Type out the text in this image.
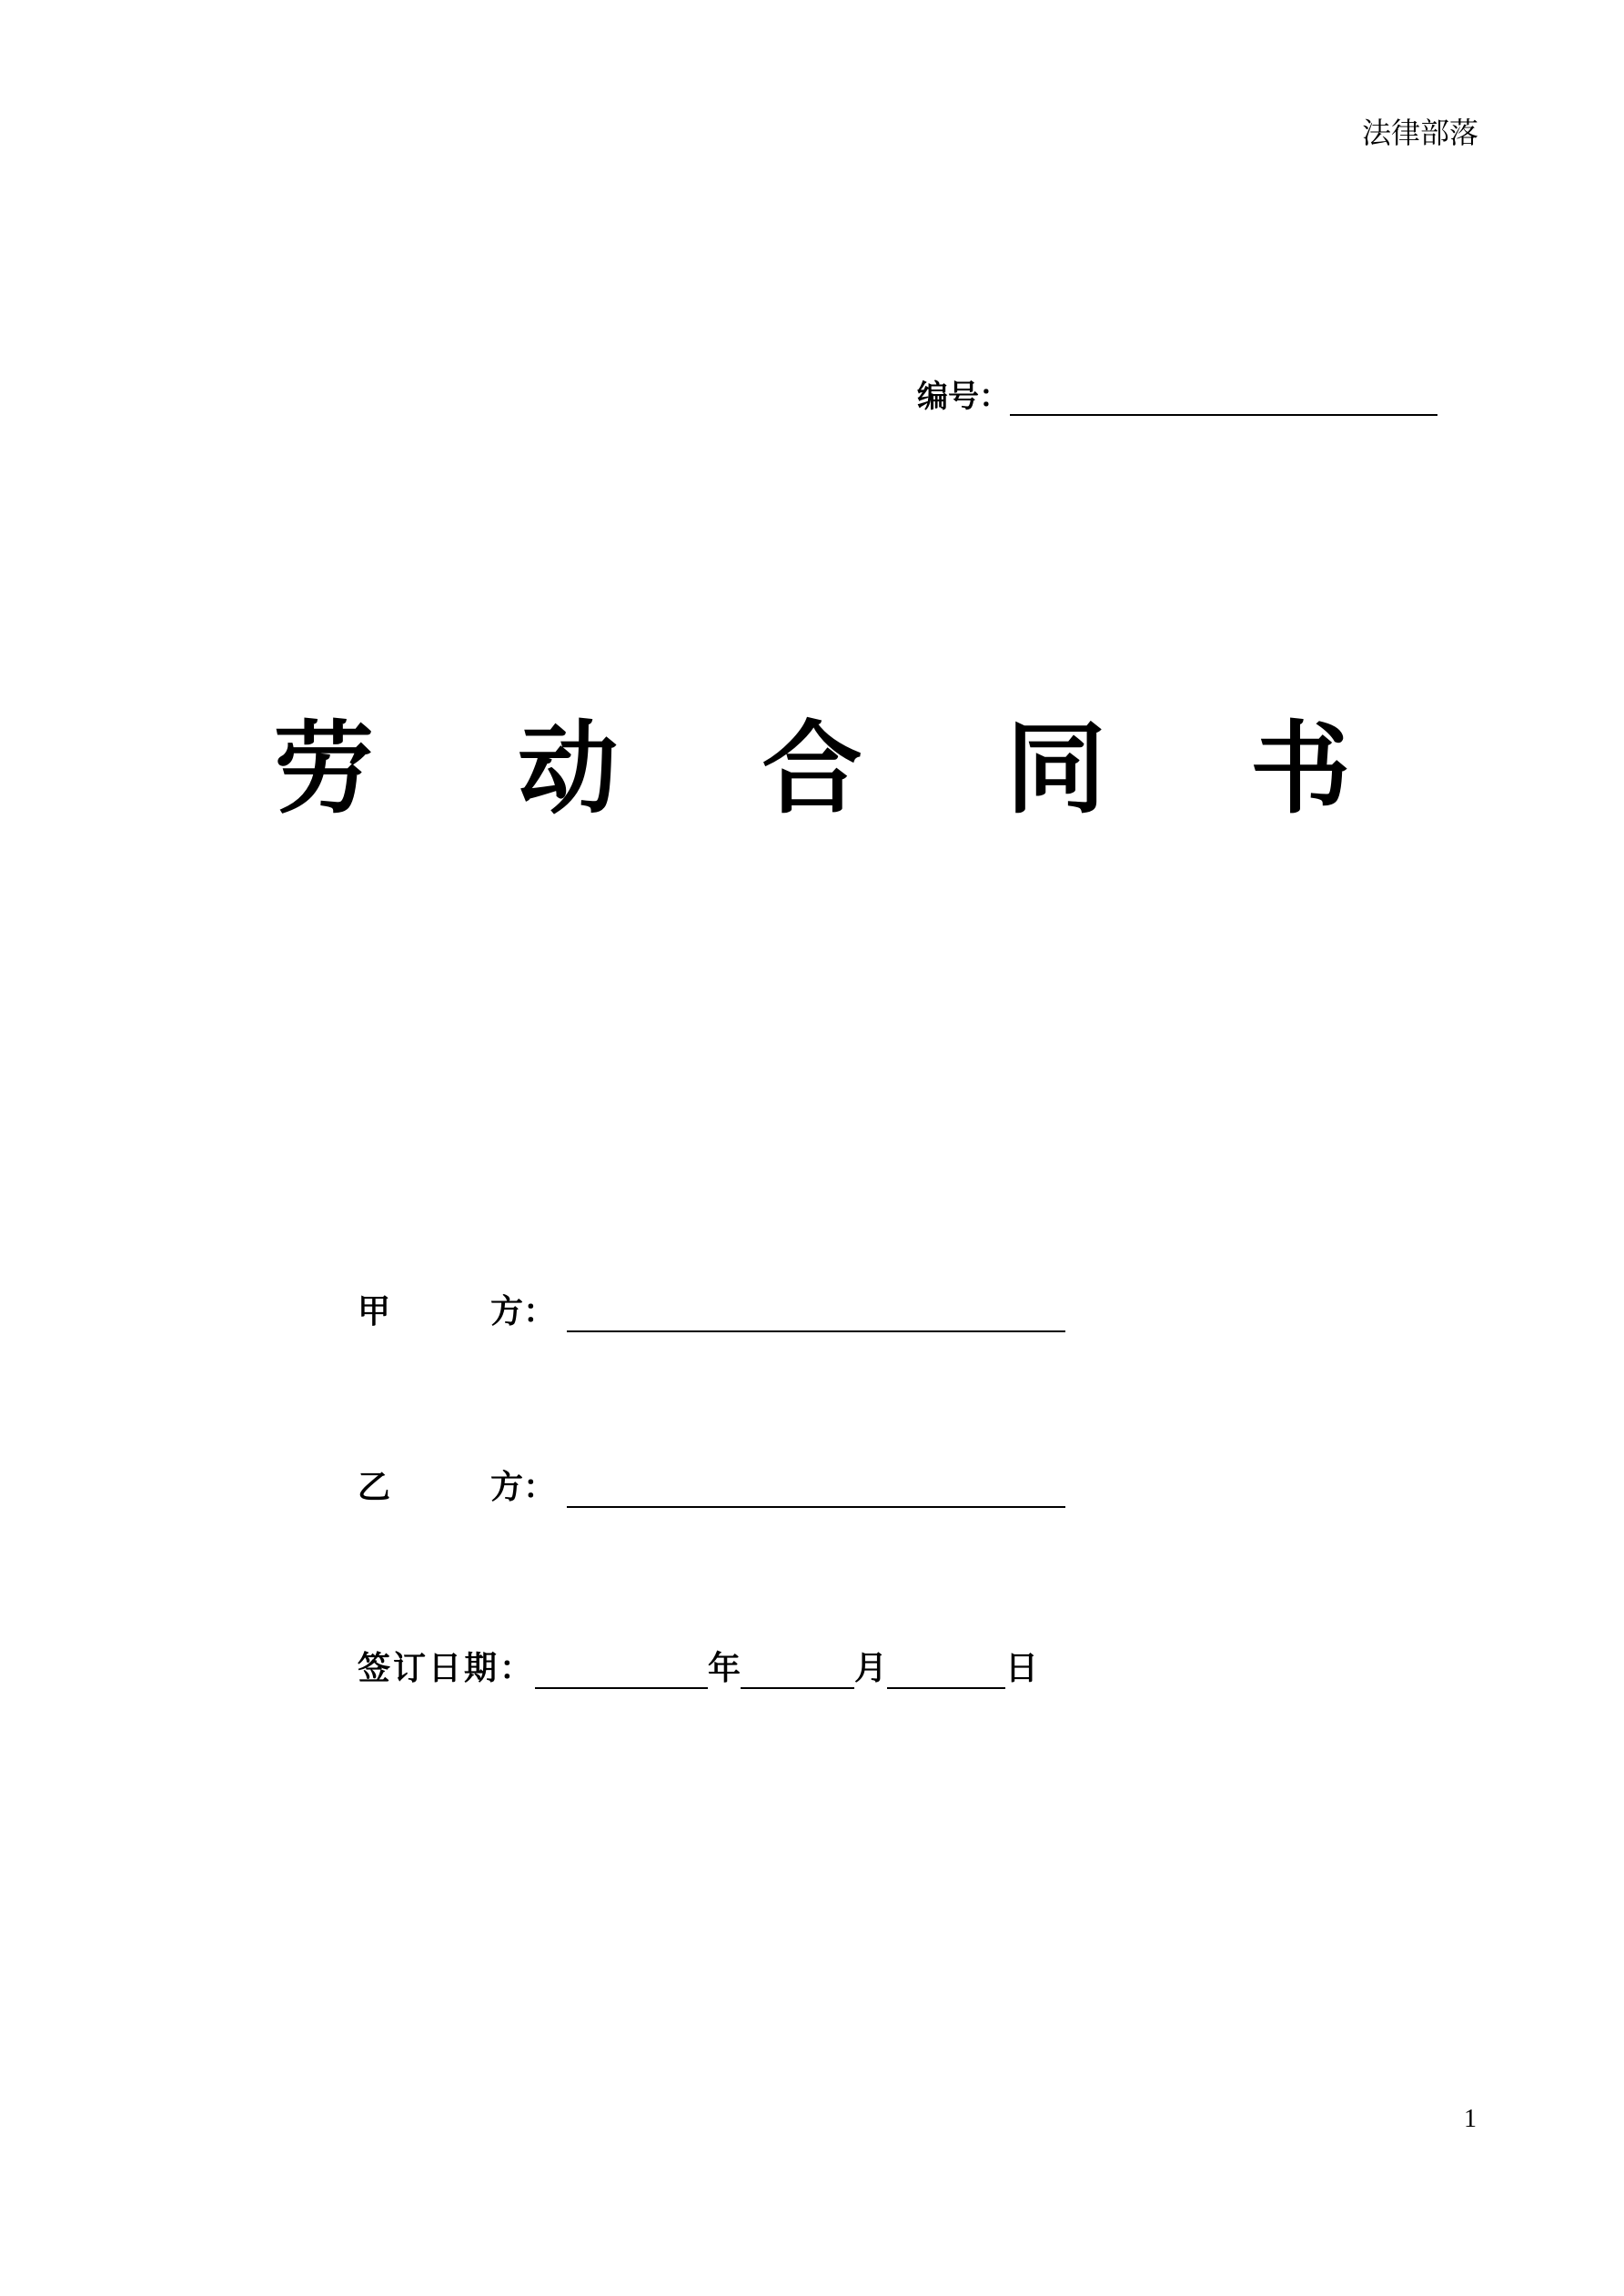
法律部落
编号：
劳 动 合 同 书
甲	方：
乙	方：
签订日期：	年	月	日
1
